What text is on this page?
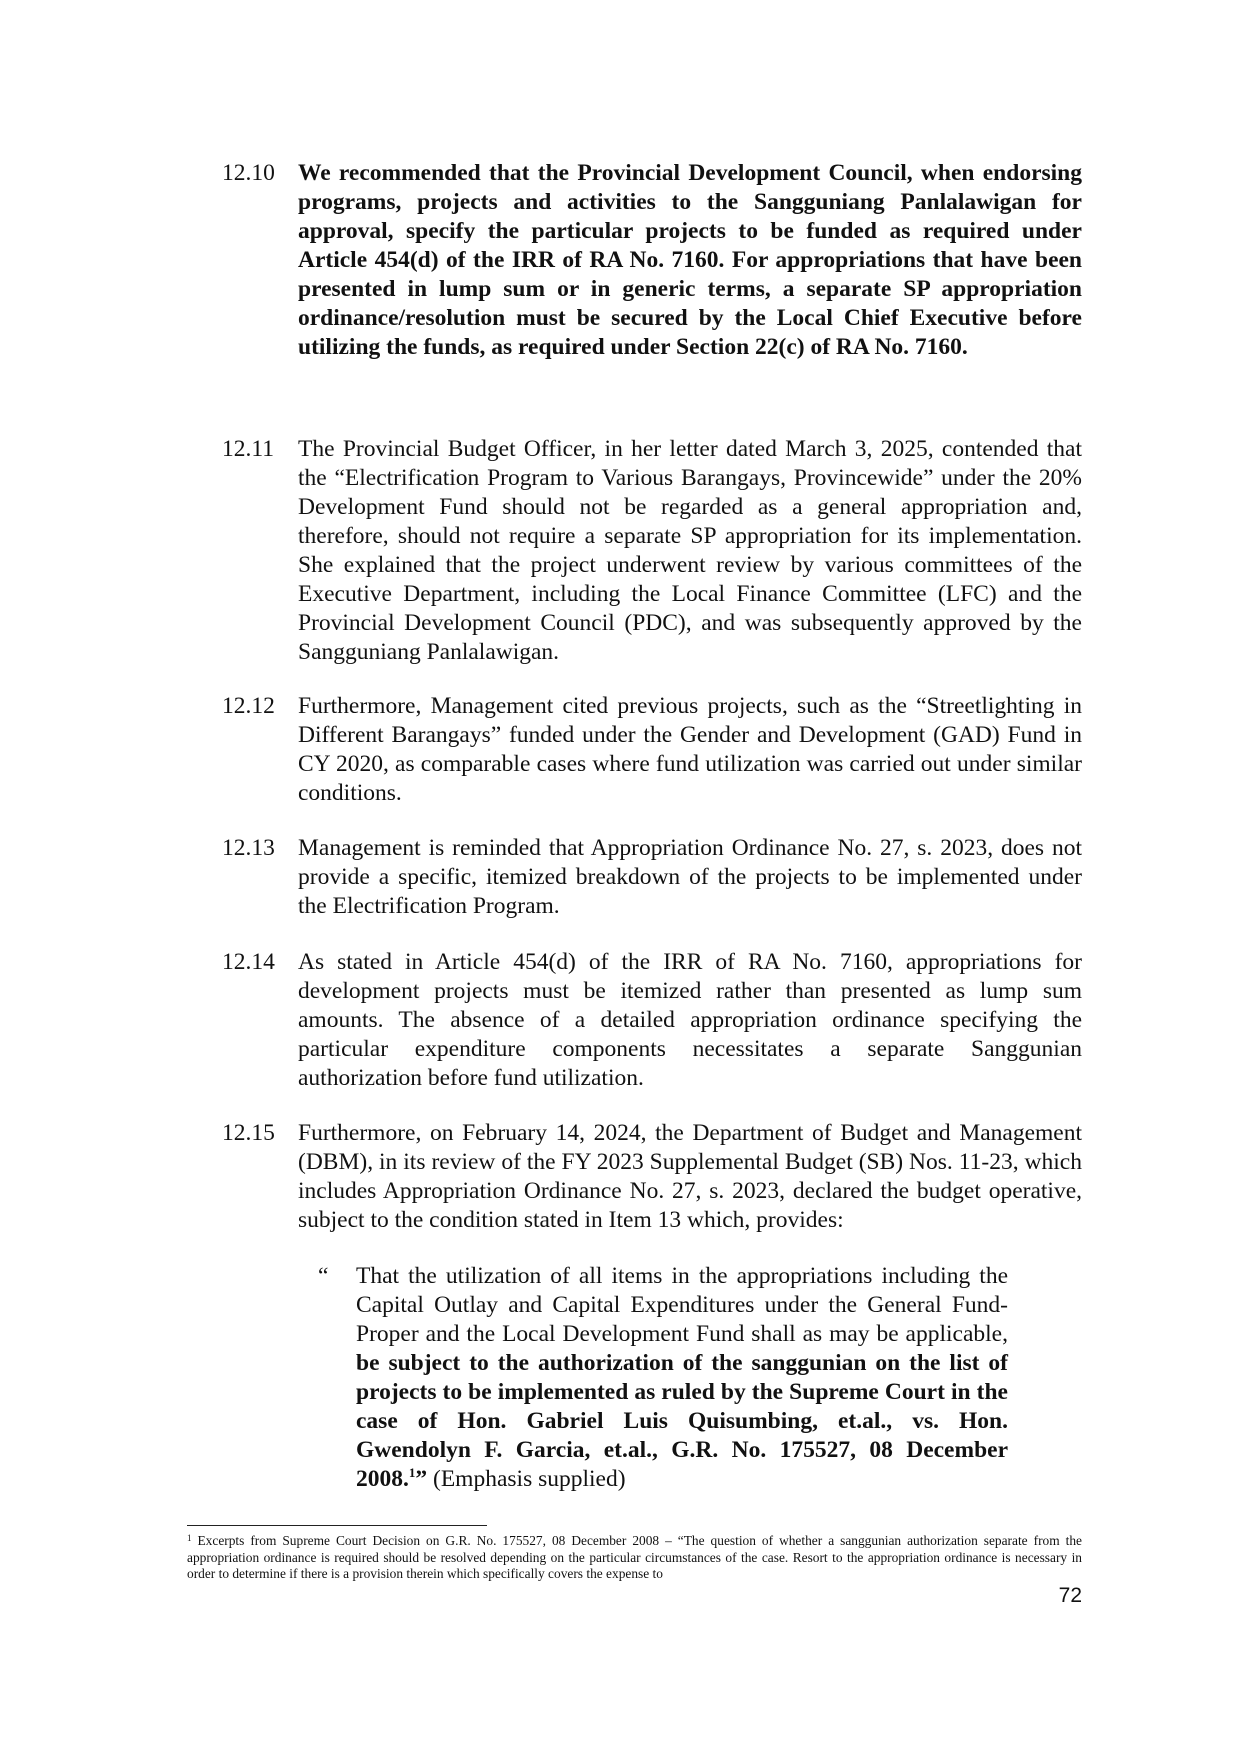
12.10 We recommended that the Provincial Development Council, when endorsing programs, projects and activities to the Sangguniang Panlalawigan for approval, specify the particular projects to be funded as required under Article 454(d) of the IRR of RA No. 7160. For appropriations that have been presented in lump sum or in generic terms, a separate SP appropriation ordinance/resolution must be secured by the Local Chief Executive before utilizing the funds, as required under Section 22(c) of RA No. 7160.
12.11 The Provincial Budget Officer, in her letter dated March 3, 2025, contended that the “Electrification Program to Various Barangays, Provincewide” under the 20% Development Fund should not be regarded as a general appropriation and, therefore, should not require a separate SP appropriation for its implementation. She explained that the project underwent review by various committees of the Executive Department, including the Local Finance Committee (LFC) and the Provincial Development Council (PDC), and was subsequently approved by the Sangguniang Panlalawigan.
12.12 Furthermore, Management cited previous projects, such as the “Streetlighting in Different Barangays” funded under the Gender and Development (GAD) Fund in CY 2020, as comparable cases where fund utilization was carried out under similar conditions.
12.13 Management is reminded that Appropriation Ordinance No. 27, s. 2023, does not provide a specific, itemized breakdown of the projects to be implemented under the Electrification Program.
12.14 As stated in Article 454(d) of the IRR of RA No. 7160, appropriations for development projects must be itemized rather than presented as lump sum amounts. The absence of a detailed appropriation ordinance specifying the particular expenditure components necessitates a separate Sanggunian authorization before fund utilization.
12.15 Furthermore, on February 14, 2024, the Department of Budget and Management (DBM), in its review of the FY 2023 Supplemental Budget (SB) Nos. 11-23, which includes Appropriation Ordinance No. 27, s. 2023, declared the budget operative, subject to the condition stated in Item 13 which, provides:
“ That the utilization of all items in the appropriations including the Capital Outlay and Capital Expenditures under the General Fund-Proper and the Local Development Fund shall as may be applicable, be subject to the authorization of the sanggunian on the list of projects to be implemented as ruled by the Supreme Court in the case of Hon. Gabriel Luis Quisumbing, et.al., vs. Hon. Gwendolyn F. Garcia, et.al., G.R. No. 175527, 08 December 2008.$^1$” (Emphasis supplied)
$^1$ Excerpts from Supreme Court Decision on G.R. No. 175527, 08 December 2008 – “The question of whether a sanggunian authorization separate from the appropriation ordinance is required should be resolved depending on the particular circumstances of the case. Resort to the appropriation ordinance is necessary in order to determine if there is a provision therein which specifically covers the expense to
72
